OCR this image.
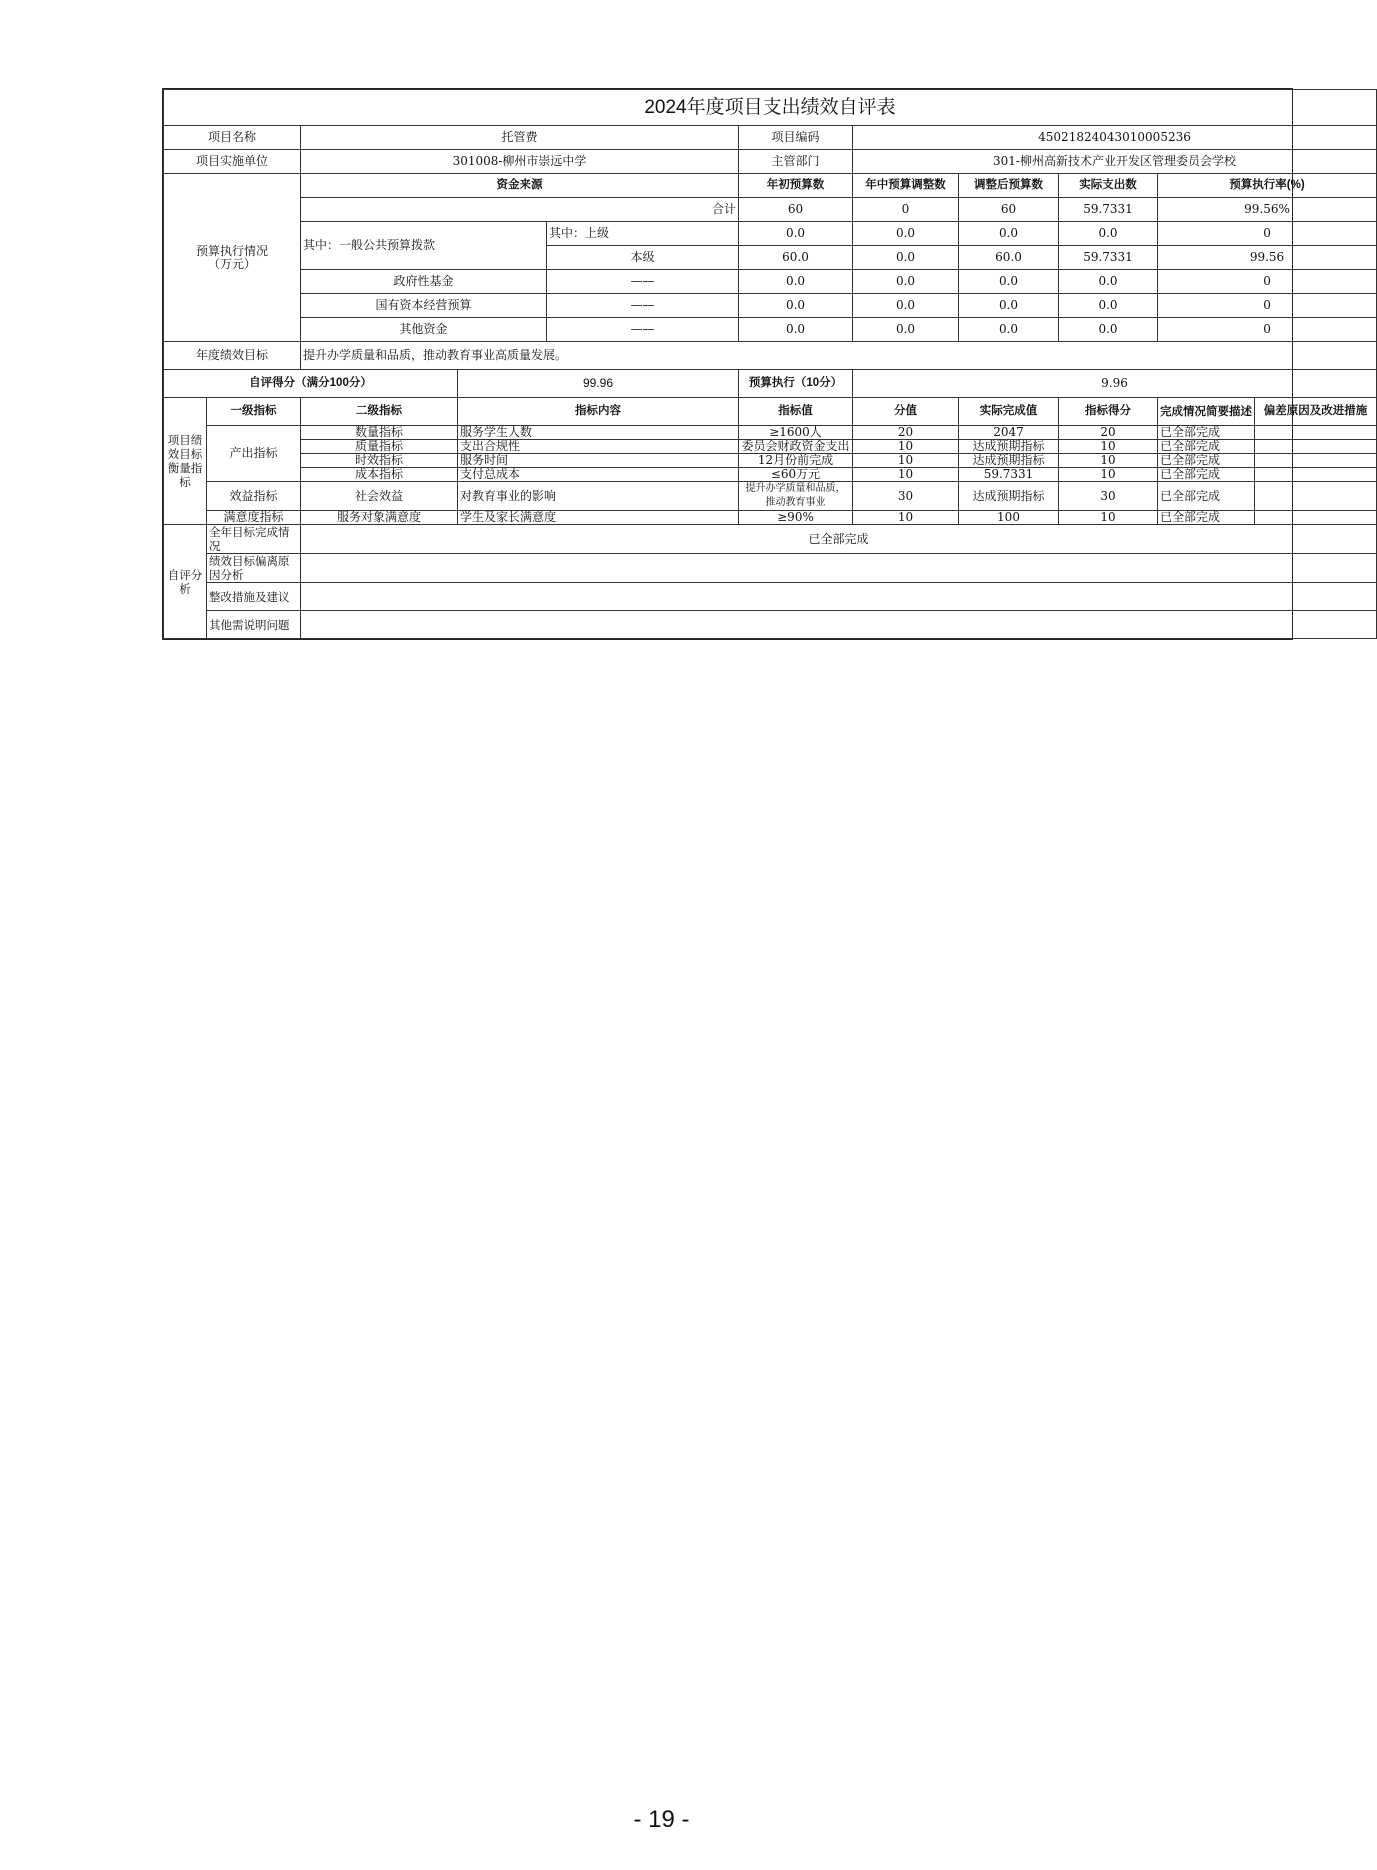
2024年度项目支出绩效自评表										
项目名称		托管费			项目编码	45021824043010005236				
项目实施单位		301008-柳州市崇远中学			主管部门	301-柳州高新技术产业开发区管理委员会学校				

预算执行情况
（万元）		资金来源			年初预算数	年中预算调整数	调整后预算数	实际支出数	预算执行率(%)	
		合计			60	0	60	59.7331	99.56%	
		其中：一般公共预算拨款		其中：上级	0.0	0.0	0.0	0.0	0	
				本级	60.0	0.0	60.0	59.7331	99.56	
		政府性基金		——	0.0	0.0	0.0	0.0	0	
		国有资本经营预算		——	0.0	0.0	0.0	0.0	0	
		其他资金		——	0.0	0.0	0.0	0.0	0	
年度绩效目标		提升办学质量和品质，推动教育事业高质量发展。								
自评得分（满分100分）			99.96		预算执行（10分）	9.96				
项目绩效目标衡量指标	一级指标	二级指标	指标内容		指标值	分值	实际完成值	指标得分	完成情况简要描述	偏差原因及改进措施
	产出指标	数量指标	服务学生人数		≥1600人	20	2047	20	已全部完成	
		质量指标	支出合规性		委员会财政资金支出	10	达成预期指标	10	已全部完成	
		时效指标	服务时间		12月份前完成	10	达成预期指标	10	已全部完成	
		成本指标	支付总成本		≤60万元	10	59.7331	10	已全部完成	
	效益指标	社会效益	对教育事业的影响		提升办学质量和品质，推动教育事业	30	达成预期指标	30	已全部完成	
	满意度指标	服务对象满意度	学生及家长满意度		≥90%	10	100	10	已全部完成	
自评分析	全年目标完成情况	已全部完成								
	绩效目标偏离原因分析									
	整改措施及建议									
	其他需说明问题									
- 19 -
